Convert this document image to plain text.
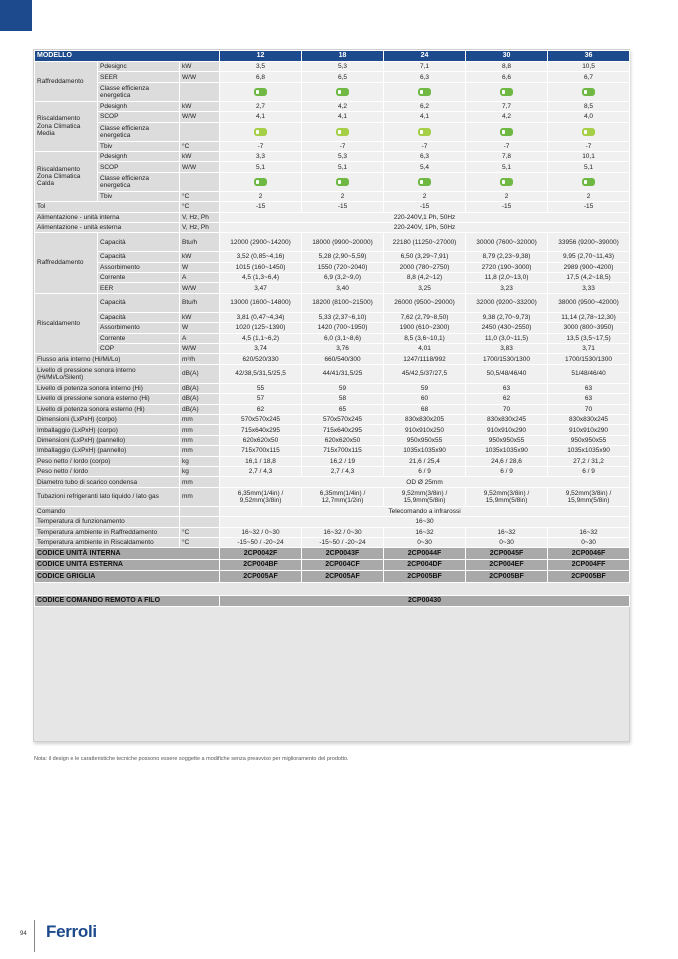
MODELLO			12	18	24	30	36
Raffreddamento	Pdesignc	kW	3,5	5,3	7,1	8,8	10,5
	SEER	W/W	6,8	6,5	6,3	6,6	6,7
	Classe efficienza energetica						
Riscaldamento Zona Climatica Media	Pdesignh	kW	2,7	4,2	6,2	7,7	8,5
	SCOP	W/W	4,1	4,1	4,1	4,2	4,0
	Classe efficienza energetica						
	Tbiv	°C	-7	-7	-7	-7	-7
Riscaldamento Zona Climatica Calda	Pdesignh	kW	3,3	5,3	6,3	7,8	10,1
	SCOP	W/W	5,1	5,1	5,4	5,1	5,1
	Classe efficienza energetica						
	Tbiv	°C	2	2	2	2	2
Tol		°C	-15	-15	-15	-15	-15
Alimentazione - unità interna		V, Hz, Ph	220-240V,1 Ph, 50Hz				
Alimentazione - unità esterna		V, Hz, Ph	220-240V, 1Ph, 50Hz				
Raffreddamento	Capacità	Btu/h	12000 (2900~14200)	18000 (9900~20000)	22180 (11250~27000)	30000 (7600~32000)	33956 (9200~39000)
	Capacità	kW	3,52 (0,85~4,16)	5,28 (2,90~5,59)	6,50 (3,29~7,91)	8,79 (2,23~9,38)	9,95 (2,70~11,43)
	Assorbimento	W	1015 (160~1450)	1550 (720~2040)	2000 (780~2750)	2720 (190~3000)	2989 (900~4200)
	Corrente	A	4,5 (1,3~6,4)	6,9 (3,2~9,0)	8,8 (4,2~12)	11,8 (2,0~13,0)	17,5 (4,2~18,5)
	EER	W/W	3,47	3,40	3,25	3,23	3,33
Riscaldamento	Capacità	Btu/h	13000 (1600~14800)	18200 (8100~21500)	26000 (9500~29000)	32000 (9200~33200)	38000 (9500~42000)
	Capacità	kW	3,81 (0,47~4,34)	5,33 (2,37~6,10)	7,62 (2,79~8,50)	9,38 (2,70~9,73)	11,14 (2,78~12,30)
	Assorbimento	W	1020 (125~1390)	1420 (700~1950)	1900 (610~2300)	2450 (430~2550)	3000 (800~3950)
	Corrente	A	4,5 (1,1~6,2)	6,0 (3,1~8,6)	8,5 (3,6~10,1)	11,0 (3,0~11,5)	13,5 (3,5~17,5)
	COP	W/W	3,74	3,76	4,01	3,83	3,71
Flusso aria interno (Hi/Mi/Lo)		m³/h	620/520/330	660/540/300	1247/1118/992	1700/1530/1300	1700/1530/1300
Livello di pressione sonora interno (Hi/Mi/Lo/Silent)		dB(A)	42/38,5/31,5/25,5	44/41/31,5/25	45/42,5/37/27,5	50,5/48/46/40	51/48/46/40
Livello di potenza sonora interno (Hi)		dB(A)	55	59	59	63	63
Livello di pressione sonora esterno (Hi)		dB(A)	57	58	60	62	63
Livello di potenza sonora esterno (Hi)		dB(A)	62	65	68	70	70
Dimensioni (LxPxH) (corpo)		mm	570x570x245	570x570x245	830x830x205	830x830x245	830x830x245
Imballaggio (LxPxH) (corpo)		mm	715x640x295	715x640x295	910x910x250	910x910x290	910x910x290
Dimensioni (LxPxH) (pannello)		mm	620x620x50	620x620x50	950x950x55	950x950x55	950x950x55
Imballaggio (LxPxH) (pannello)		mm	715x700x115	715x700x115	1035x1035x90	1035x1035x90	1035x1035x90
Peso netto / lordo (corpo)		kg	16,1 / 18,8	16,2 / 19	21,6 / 25,4	24,6 / 28,6	27,2 / 31,2
Peso netto / lordo		kg	2,7 / 4,3	2,7 / 4,3	6 / 9	6 / 9	6 / 9
Diametro tubo di scarico condensa		mm	OD Ø 25mm				
Tubazioni refrigeranti lato liquido / lato gas		mm	6,35mm(1/4in) / 9,52mm(3/8in)	6,35mm(1/4in) / 12,7mm(1/2in)	9,52mm(3/8in) / 15,9mm(5/8in)	9,52mm(3/8in) / 15,9mm(5/8in)	9,52mm(3/8in) / 15,9mm(5/8in)
Comando			Telecomando a infrarossi				
Temperatura di funzionamento			16~30				
Temperatura ambiente in Raffreddamento		°C	16~32 / 0~30	16~32 / 0~30	16~32	16~32	16~32
Temperatura ambiente in Riscaldamento		°C	-15~50 / -20~24	-15~50 / -20~24	0~30	0~30	0~30
CODICE UNITÀ INTERNA			2CP0042F	2CP0043F	2CP0044F	2CP0045F	2CP0046F
CODICE UNITÀ ESTERNA			2CP004BF	2CP004CF	2CP004DF	2CP004EF	2CP004FF
CODICE GRIGLIA			2CP005AF	2CP005AF	2CP005BF	2CP005BF	2CP005BF

CODICE COMANDO REMOTO A FILO			2CP00430				
Nota: il design e le caratteristiche tecniche possono essere soggette a modifiche senza preavviso per miglioramento del prodotto.
94 Ferroli
